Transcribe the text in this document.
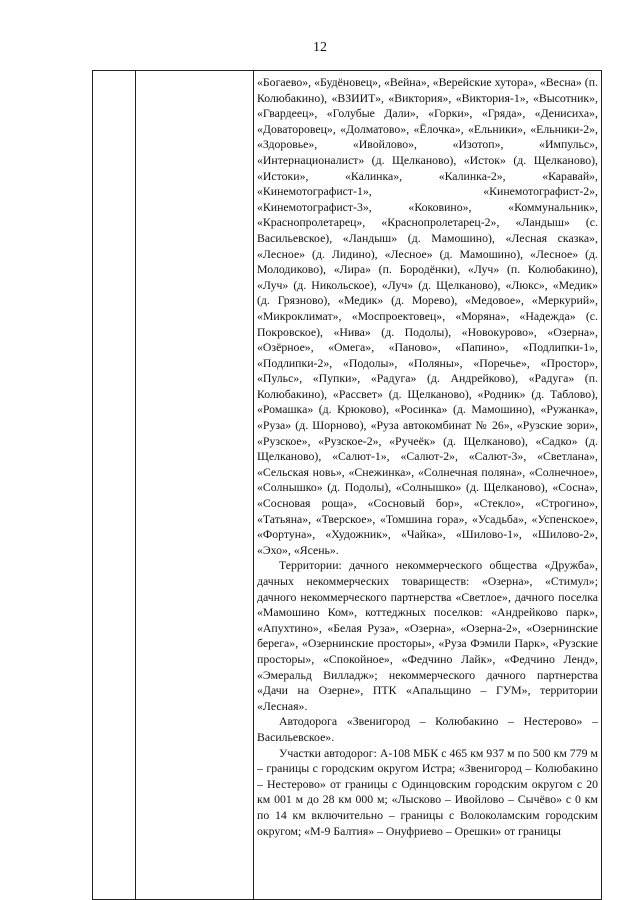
12

«Богаево», «Будёновец», «Вейна», «Верейские хутора», «Весна» (п. Колюбакино), «ВЗИИТ», «Виктория», «Виктория-1», «Высотник», «Гвардеец», «Голубые Дали», «Горки», «Гряда», «Денисиха», «Доваторовец», «Долматово», «Ёлочка», «Ельники», «Ельники-2», «Здоровье», «Ивойлово», «Изотоп», «Импульс», «Интернационалист» (д. Щелканово), «Исток» (д. Щелканово), «Истоки», «Калинка», «Калинка-2», «Каравай», «Кинемотографист-1», «Кинемотографист-2», «Кинемотографист-3», «Коковино», «Коммунальник», «Краснопролетарец», «Краснопролетарец-2», «Ландыш» (с. Васильевское), «Ландыш» (д. Мамошино), «Лесная сказка», «Лесное» (д. Лидино), «Лесное» (д. Мамошино), «Лесное» (д. Молодиково), «Лира» (п. Бородёнки), «Луч» (п. Колюбакино), «Луч» (д. Никольское), «Луч» (д. Щелканово), «Люкс», «Медик» (д. Грязново), «Медик» (д. Морево), «Медовое», «Меркурий», «Микроклимат», «Моспроектовец», «Моряна», «Надежда» (с. Покровское), «Нива» (д. Подолы), «Новокурово», «Озерна», «Озёрное», «Омега», «Паново», «Папино», «Подлипки-1», «Подлипки-2», «Подолы», «Поляны», «Поречье», «Простор», «Пульс», «Пупки», «Радуга» (д. Андрейково), «Радуга» (п. Колюбакино), «Рассвет» (д. Щелканово), «Родник» (д. Таблово), «Ромашка» (д. Крюково), «Росинка» (д. Мамошино), «Ружанка», «Руза» (д. Шорново), «Руза автокомбинат № 26», «Рузские зори», «Рузское», «Рузское-2», «Ручеёк» (д. Щелканово), «Садко» (д. Щелканово), «Салют-1», «Салют-2», «Салют-3», «Светлана», «Сельская новь», «Снежинка», «Солнечная поляна», «Солнечное», «Солнышко» (д. Подолы), «Солнышко» (д. Щелканово), «Сосна», «Сосновая роща», «Сосновый бор», «Стекло», «Строгино», «Татьяна», «Тверское», «Томшина гора», «Усадьба», «Успенское», «Фортуна», «Художник», «Чайка», «Шилово-1», «Шилово-2», «Эхо», «Ясень».

Территории: дачного некоммерческого общества «Дружба», дачных некоммерческих товариществ: «Озерна», «Стимул»; дачного некоммерческого партнерства «Светлое», дачного поселка «Мамошино Ком», коттеджных поселков: «Андрейково парк», «Апухтино», «Белая Руза», «Озерна», «Озерна-2», «Озернинские берега», «Озернинские просторы», «Руза Фэмили Парк», «Рузские просторы», «Спокойное», «Федчино Лайк», «Федчино Ленд», «Эмеральд Вилладж»; некоммерческого дачного партнерства «Дачи на Озерне», ПТК «Апальщино – ГУМ», территории «Лесная».

Автодорога «Звенигород – Колюбакино – Нестерово» – Васильевское».

Участки автодорог: А-108 МБК с 465 км 937 м по 500 км 779 м – границы с городским округом Истра; «Звенигород – Колюбакино – Нестерово» от границы с Одинцовским городским округом с 20 км 001 м до 28 км 000 м; «Лысково – Ивойлово – Сычёво» с 0 км по 14 км включительно – границы с Волоколамским городским округом; «М-9 Балтия» – Онуфриево – Орешки» от границы
